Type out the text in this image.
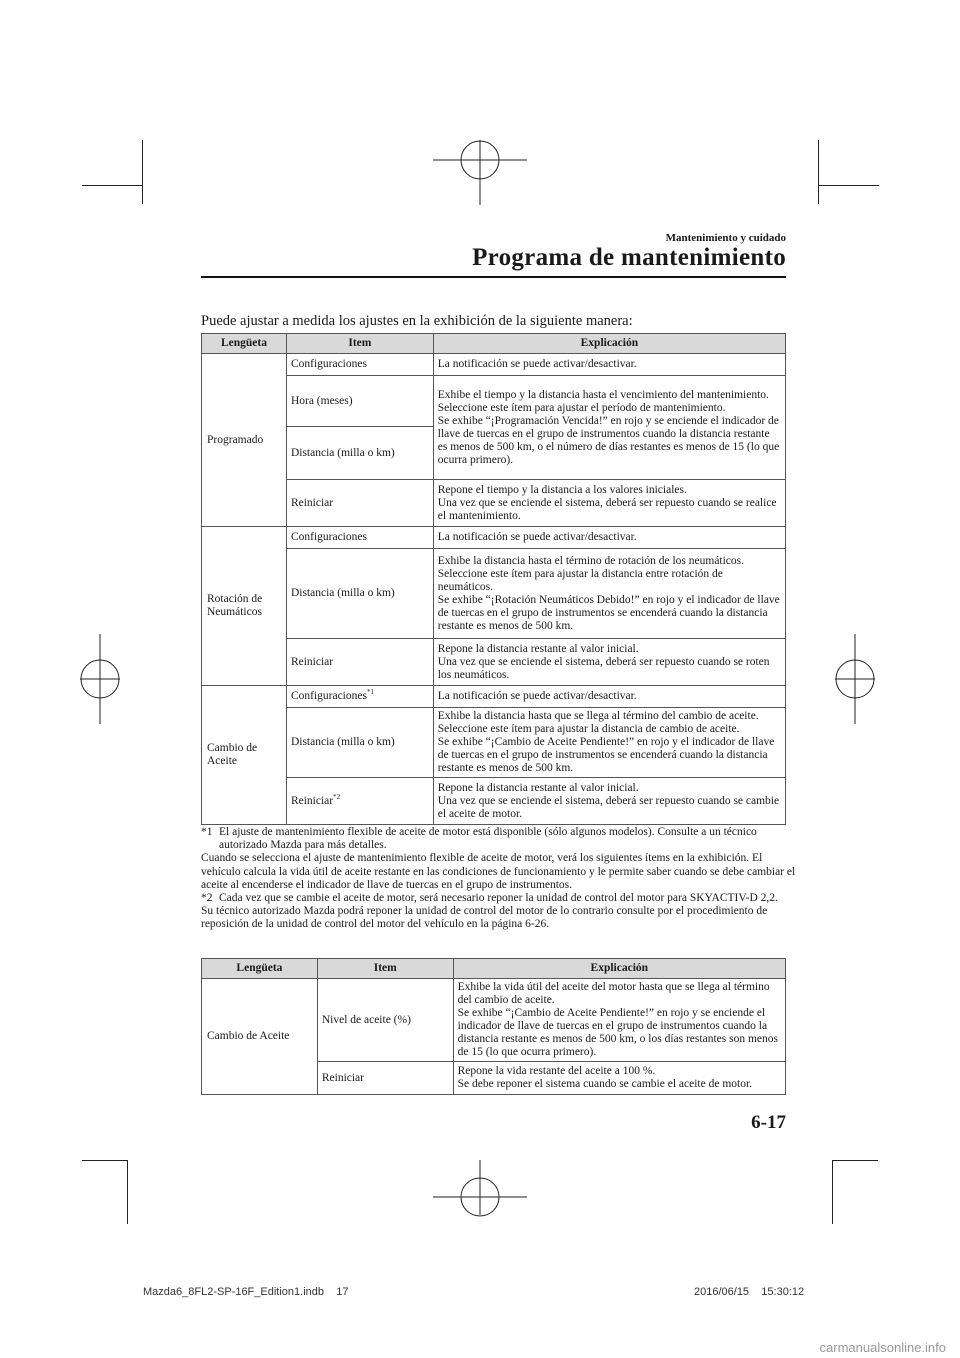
Mantenimiento y cuidado
Programa de mantenimiento
Puede ajustar a medida los ajustes en la exhibición de la siguiente manera:
Lengüeta	Item	Explicación
Programado	Configuraciones	La notificación se puede activar/desactivar.
	Hora (meses)	Exhibe el tiempo y la distancia hasta el vencimiento del mantenimiento.
Seleccione este ítem para ajustar el período de mantenimiento.
Se exhibe “¡Programación Vencida!” en rojo y se enciende el indicador de llave de tuercas en el grupo de instrumentos cuando la distancia restante es menos de 500 km, o el número de días restantes es menos de 15 (lo que ocurra primero).
	Distancia (milla o km)	
	Reiniciar	Repone el tiempo y la distancia a los valores iniciales.
Una vez que se enciende el sistema, deberá ser repuesto cuando se realice el mantenimiento.
Rotación de
Neumáticos	Configuraciones	La notificación se puede activar/desactivar.
	Distancia (milla o km)	Exhibe la distancia hasta el término de rotación de los neumáticos.
Seleccione este ítem para ajustar la distancia entre rotación de neumáticos.
Se exhibe “¡Rotación Neumáticos Debido!” en rojo y el indicador de llave de tuercas en el grupo de instrumentos se encenderá cuando la distancia restante es menos de 500 km.
	Reiniciar	Repone la distancia restante al valor inicial.
Una vez que se enciende el sistema, deberá ser repuesto cuando se roten los neumáticos.
Cambio de
Aceite	Configuraciones$^{*1}$	La notificación se puede activar/desactivar.
	Distancia (milla o km)	Exhibe la distancia hasta que se llega al término del cambio de aceite.
Seleccione este ítem para ajustar la distancia de cambio de aceite.
Se exhibe “¡Cambio de Aceite Pendiente!” en rojo y el indicador de llave de tuercas en el grupo de instrumentos se encenderá cuando la distancia restante es menos de 500 km.
	Reiniciar$^{*2}$	Repone la distancia restante al valor inicial.
Una vez que se enciende el sistema, deberá ser repuesto cuando se cambie el aceite de motor.
*1 El ajuste de mantenimiento flexible de aceite de motor está disponible (sólo algunos modelos). Consulte a un técnico autorizado Mazda para más detalles.
Cuando se selecciona el ajuste de mantenimiento flexible de aceite de motor, verá los siguientes ítems en la exhibición. El vehículo calcula la vida útil de aceite restante en las condiciones de funcionamiento y le permite saber cuando se debe cambiar el aceite al encenderse el indicador de llave de tuercas en el grupo de instrumentos.
*2 Cada vez que se cambie el aceite de motor, será necesario reponer la unidad de control del motor para SKYACTIV-D 2,2.
Su técnico autorizado Mazda podrá reponer la unidad de control del motor de lo contrario consulte por el procedimiento de reposición de la unidad de control del motor del vehículo en la página 6-26.
Lengüeta	Item	Explicación
Cambio de Aceite	Nivel de aceite (%)	Exhibe la vida útil del aceite del motor hasta que se llega al término del cambio de aceite.
Se exhibe “¡Cambio de Aceite Pendiente!” en rojo y se enciende el indicador de llave de tuercas en el grupo de instrumentos cuando la distancia restante es menos de 500 km, o los días restantes son menos de 15 (lo que ocurra primero).
	Reiniciar	Repone la vida restante del aceite a 100 %.
Se debe reponer el sistema cuando se cambie el aceite de motor.
6-17
Mazda6_8FL2-SP-16F_Edition1.indb    17	2016/06/15    15:30:12
carmanualsonline.info
